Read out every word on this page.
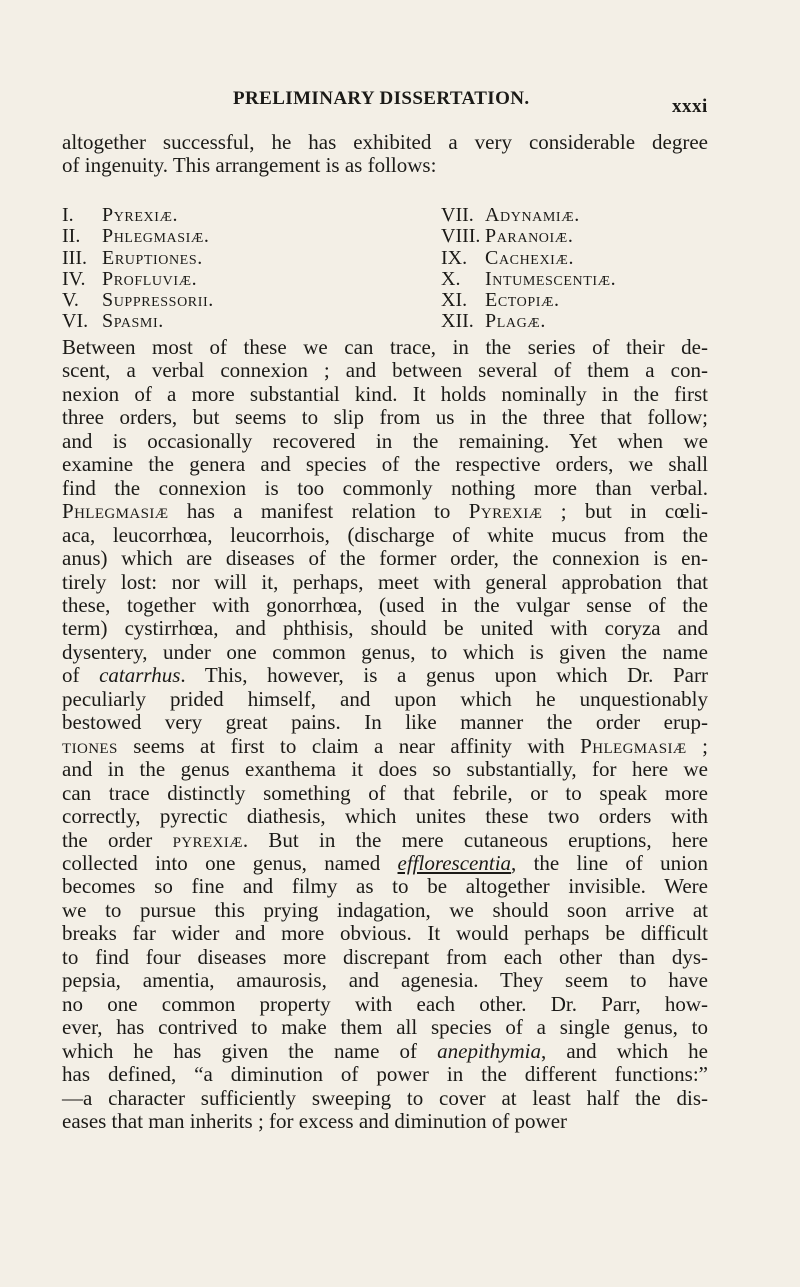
PRELIMINARY DISSERTATION.	xxxi
altogether successful, he has exhibited a very considerable degree
of ingenuity. This arrangement is as follows:
I. Pyrexiæ.
II. Phlegmasiæ.
III. Eruptiones.
IV. Profluviæ.
V. Suppressorii.
VI. Spasmi.
VII. Adynamiæ.
VIII. Paranoiæ.
IX. Cachexiæ.
X. Intumescentiæ.
XI. Ectopiæ.
XII. Plagæ.
Between most of these we can trace, in the series of their de-
scent, a verbal connexion ; and between several of them a con-
nexion of a more substantial kind. It holds nominally in the first
three orders, but seems to slip from us in the three that follow;
and is occasionally recovered in the remaining. Yet when we
examine the genera and species of the respective orders, we shall
find the connexion is too commonly nothing more than verbal.
Phlegmasiæ has a manifest relation to Pyrexiæ ; but in cœli-
aca, leucorrhœa, leucorrhois, (discharge of white mucus from the
anus) which are diseases of the former order, the connexion is en-
tirely lost: nor will it, perhaps, meet with general approbation that
these, together with gonorrhœa, (used in the vulgar sense of the
term) cystirrhœa, and phthisis, should be united with coryza and
dysentery, under one common genus, to which is given the name
of catarrhus. This, however, is a genus upon which Dr. Parr
peculiarly prided himself, and upon which he unquestionably
bestowed very great pains. In like manner the order erup-
tiones seems at first to claim a near affinity with Phlegmasiæ ;
and in the genus exanthema it does so substantially, for here we
can trace distinctly something of that febrile, or to speak more
correctly, pyrectic diathesis, which unites these two orders with
the order pyrexiæ. But in the mere cutaneous eruptions, here
collected into one genus, named efflorescentia, the line of union
becomes so fine and filmy as to be altogether invisible. Were
we to pursue this prying indagation, we should soon arrive at
breaks far wider and more obvious. It would perhaps be difficult
to find four diseases more discrepant from each other than dys-
pepsia, amentia, amaurosis, and agenesia. They seem to have
no one common property with each other. Dr. Parr, how-
ever, has contrived to make them all species of a single genus, to
which he has given the name of anepithymia, and which he
has defined, “a diminution of power in the different functions:”
—a character sufficiently sweeping to cover at least half the dis-
eases that man inherits ; for excess and diminution of power
